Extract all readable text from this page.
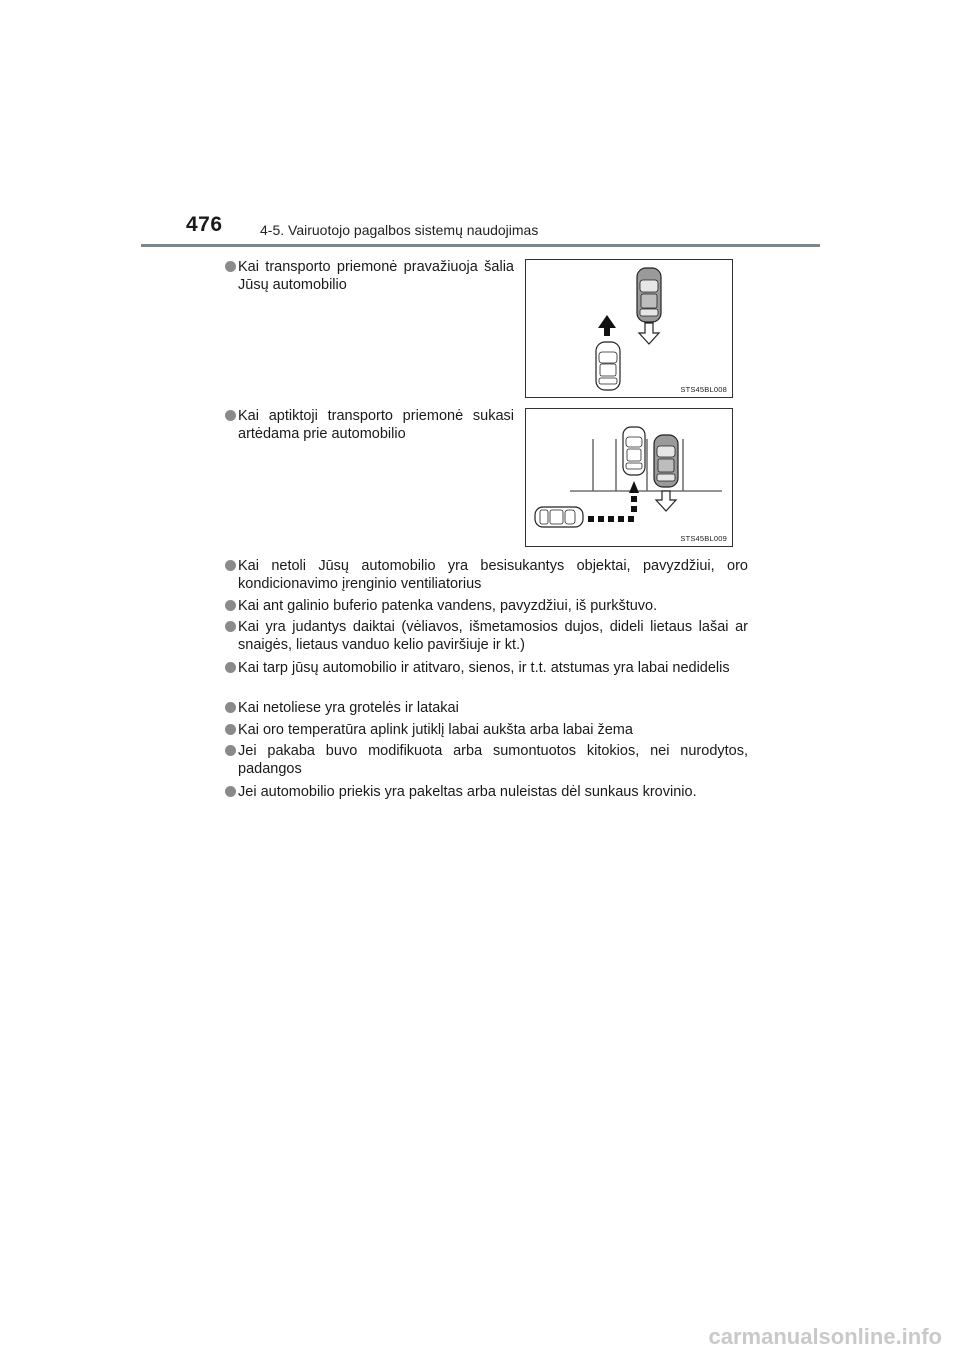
476	4-5. Vairuotojo pagalbos sistemų naudojimas
Kai transporto priemonė pravažiuoja šalia Jūsų automobilio
STS45BL008
Kai aptiktoji transporto priemonė sukasi artėdama prie automobilio
STS45BL009
Kai netoli Jūsų automobilio yra besisukantys objektai, pavyzdžiui, oro kondicionavimo įrenginio ventiliatorius
Kai ant galinio buferio patenka vandens, pavyzdžiui, iš purkštuvo.
Kai yra judantys daiktai (vėliavos, išmetamosios dujos, dideli lietaus lašai ar snaigės, lietaus vanduo kelio paviršiuje ir kt.)
Kai tarp jūsų automobilio ir atitvaro, sienos, ir t.t. atstumas yra labai nedidelis
Kai netoliese yra grotelės ir latakai
Kai oro temperatūra aplink jutiklį labai aukšta arba labai žema
Jei pakaba buvo modifikuota arba sumontuotos kitokios, nei nurodytos, padangos
Jei automobilio priekis yra pakeltas arba nuleistas dėl sunkaus krovinio.
carmanualsonline.info
